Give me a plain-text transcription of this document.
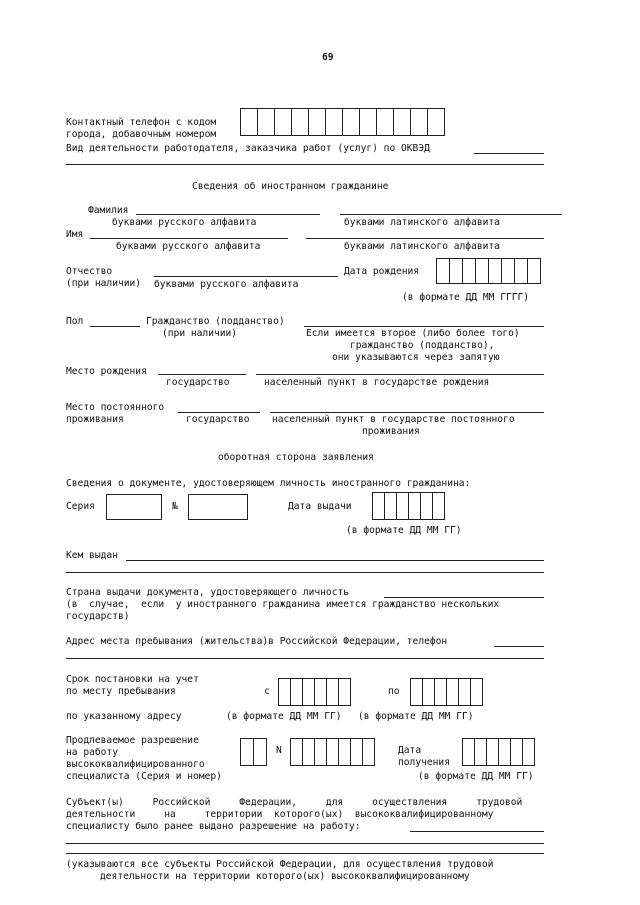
69
Контактный телефон с кодом
города, добавочным номером
Вид деятельности работодателя, заказчика работ (услуг) по ОКВЭД
Сведения об иностранном гражданине
Фамилия
буквами русского алфавита	буквами латинского алфавита
Имя
буквами русского алфавита	буквами латинского алфавита
Отчество
(при наличии) буквами русского алфавита
Дата рождения
(в формате ДД ММ ГГГГ)
Пол	Гражданство (подданство)
(при наличии)	Если имеется второе (либо более того)
гражданство (подданство),
они указываются через запятую
Место рождения
государство	населенный пункт в государстве рождения
Место постоянного
проживания	государство населенный пункт в государстве постоянного
проживания
оборотная сторона заявления
Сведения о документе, удостоверяющем личность иностранного гражданина:
Серия	№	Дата выдачи
(в формате ДД ММ ГГ)
Кем выдан
Страна выдачи документа, удостоверяющего личность
(в  случае,  если  у иностранного гражданина имеется гражданство нескольких
государств)
Адрес места пребывания (жительства)в Российской Федерации, телефон
Срок постановки на учет
по месту пребывания	с	по
по указанному адресу	(в формате ДД ММ ГГ) (в формате ДД ММ ГГ)
Продлеваемое разрешение
на работу
высококвалифицированного
специалиста (Серия и номер)
N	Дата
получения
(в формате ДД ММ ГГ)
Субъект(ы)     Российской     Федерации,     для     осуществления     трудовой
деятельности     на     территории  которого(ых)  высококвалифицированному
специалисту было ранее выдано разрешение на работу:
(указываются все субъекты Российской Федерации, для осуществления трудовой
деятельности на территории которого(ых) высококвалифицированному
